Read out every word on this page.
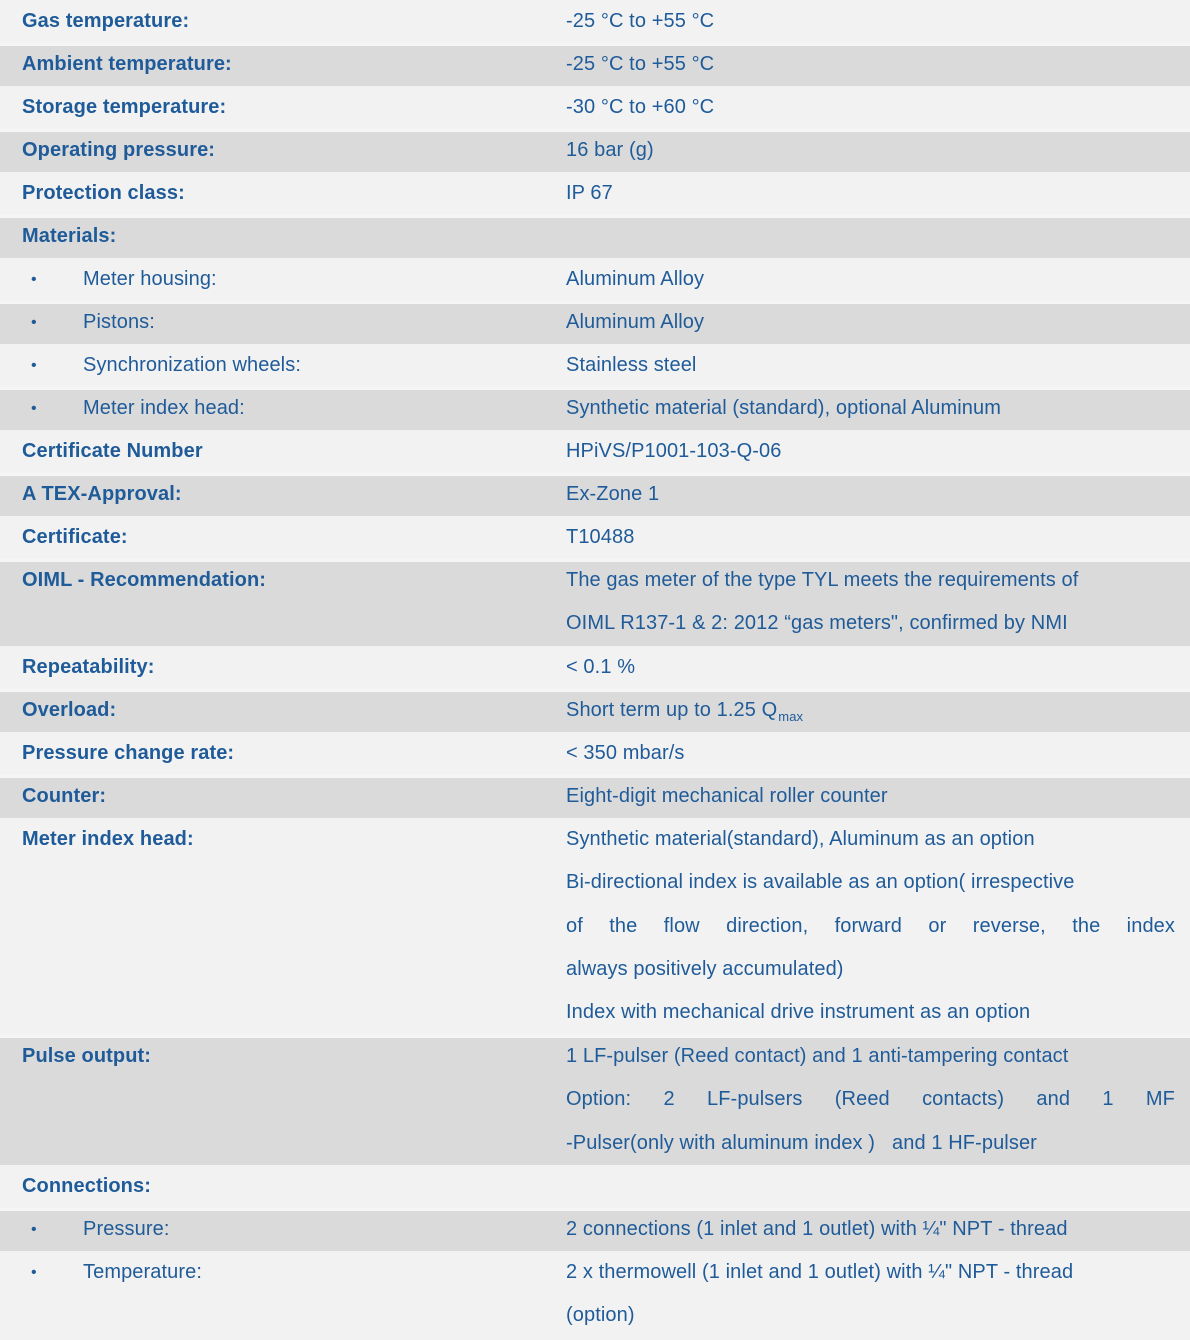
Gas temperature:	-25 °C to +55 °C
Ambient temperature:	-25 °C to +55 °C
Storage temperature:	-30 °C to +60 °C
Operating pressure:	16 bar (g)
Protection class:	IP 67
Materials:
•	Meter housing:	Aluminum Alloy
•	Pistons:	Aluminum Alloy
•	Synchronization wheels:	Stainless steel
•	Meter index head:	Synthetic material (standard), optional Aluminum
Certificate Number	HPiVS/P1001-103-Q-06
A TEX-Approval:	Ex-Zone 1
Certificate:	T10488
OIML - Recommendation:	The gas meter of the type TYL meets the requirements of
OIML R137-1 & 2: 2012 “gas meters", confirmed by NMI
Repeatability:	< 0.1 %
Overload:	Short term up to 1.25 $Q_{max}$
Pressure change rate:	< 350 mbar/s
Counter:	Eight-digit mechanical roller counter
Meter index head:	Synthetic material(standard), Aluminum as an option
Bi-directional index is available as an option( irrespective
of the flow direction, forward or reverse, the index
always positively accumulated)
Index with mechanical drive instrument as an option
Pulse output:	1 LF-pulser (Reed contact) and 1 anti-tampering contact
Option: 2 LF-pulsers (Reed contacts) and 1 MF
-Pulser(only with aluminum index )   and 1 HF-pulser
Connections:
•	Pressure:	2 connections (1 inlet and 1 outlet) with ¼" NPT - thread
•	Temperature:	2 x thermowell (1 inlet and 1 outlet) with ¼" NPT - thread
(option)
